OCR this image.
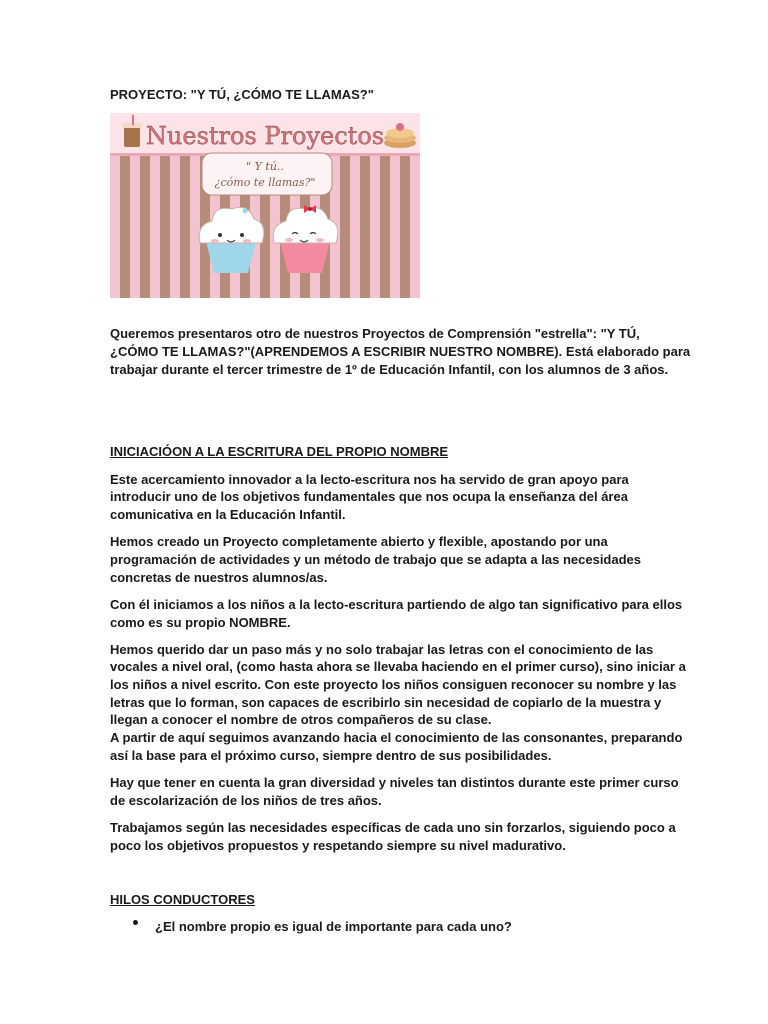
PROYECTO: "Y TÚ, ¿CÓMO TE LLAMAS?"
Nuestros Proyectos
" Y tú..
¿cómo te llamas?"
Queremos presentaros otro de nuestros Proyectos de Comprensión "estrella": "Y TÚ,
¿CÓMO TE LLAMAS?"(APRENDEMOS A ESCRIBIR NUESTRO NOMBRE). Está elaborado para
trabajar durante el tercer trimestre de 1º de Educación Infantil, con los alumnos de 3 años.
INICIACIÓON A LA ESCRITURA DEL PROPIO NOMBRE
Este acercamiento innovador a la lecto-escritura nos ha servido de gran apoyo para
introducir uno de los objetivos fundamentales que nos ocupa la enseñanza del área
comunicativa en la Educación Infantil.
Hemos creado un Proyecto completamente abierto y flexible, apostando por una
programación de actividades y un método de trabajo que se adapta a las necesidades
concretas de nuestros alumnos/as.
Con él iniciamos a los niños a la lecto-escritura partiendo de algo tan significativo para ellos
como es su propio NOMBRE.
Hemos querido dar un paso más y no solo trabajar las letras con el conocimiento de las
vocales a nivel oral, (como hasta ahora se llevaba haciendo en el primer curso), sino iniciar a
los niños a nivel escrito. Con este proyecto los niños consiguen reconocer su nombre y las
letras que lo forman, son capaces de escribirlo sin necesidad de copiarlo de la muestra y
llegan a conocer el nombre de otros compañeros de su clase.
A partir de aquí seguimos avanzando hacia el conocimiento de las consonantes, preparando
así la base para el próximo curso, siempre dentro de sus posibilidades.
Hay que tener en cuenta la gran diversidad y niveles tan distintos durante este primer curso
de escolarización de los niños de tres años.
Trabajamos según las necesidades específicas de cada uno sin forzarlos, siguiendo poco a
poco los objetivos propuestos y respetando siempre su nivel madurativo.
HILOS CONDUCTORES
¿El nombre propio es igual de importante para cada uno?
